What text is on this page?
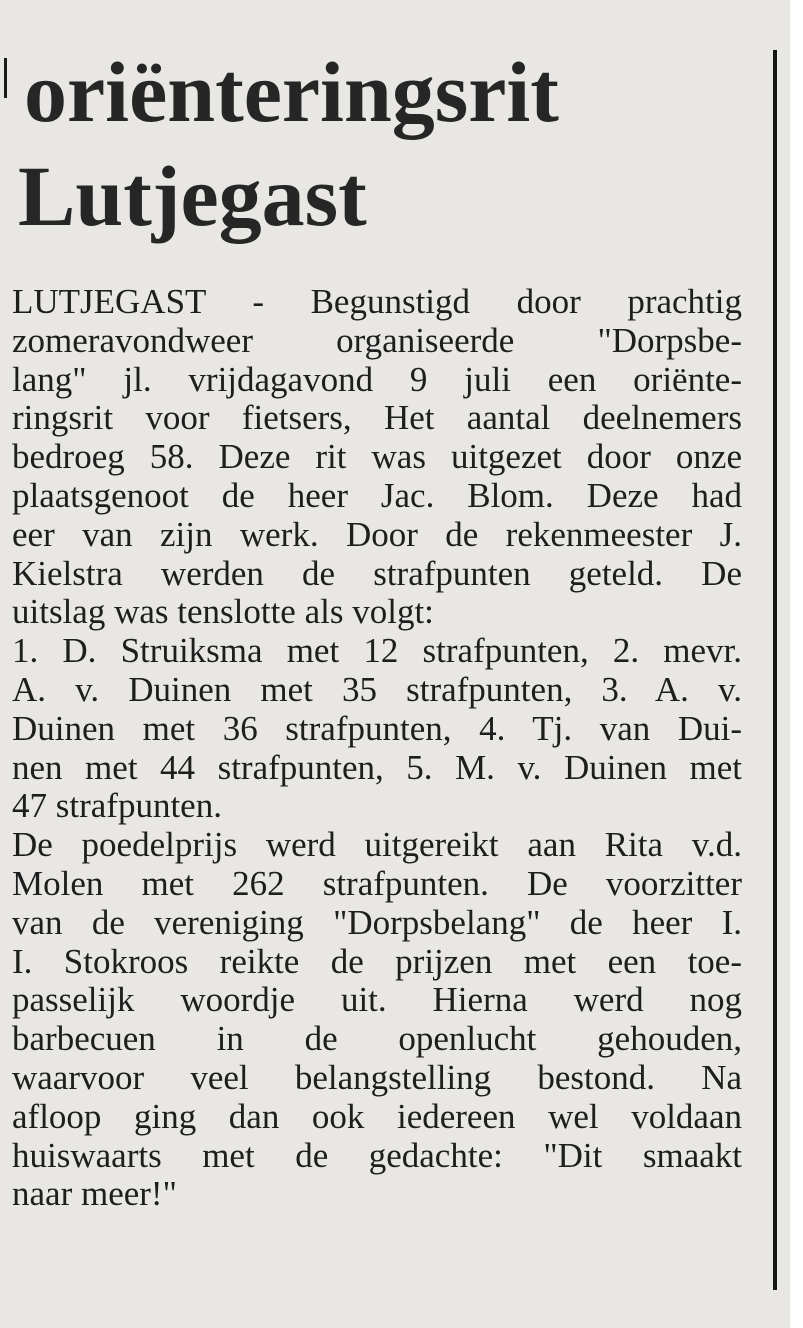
oriënteringsrit
Lutjegast
LUTJEGAST - Begunstigd door prachtig
zomeravondweer organiseerde "Dorpsbe-
lang" jl. vrijdagavond 9 juli een oriënte-
ringsrit voor fietsers, Het aantal deelnemers
bedroeg 58. Deze rit was uitgezet door onze
plaatsgenoot de heer Jac. Blom. Deze had
eer van zijn werk. Door de rekenmeester J.
Kielstra werden de strafpunten geteld. De
uitslag was tenslotte als volgt:
1. D. Struiksma met 12 strafpunten, 2. mevr.
A. v. Duinen met 35 strafpunten, 3. A. v.
Duinen met 36 strafpunten, 4. Tj. van Dui-
nen met 44 strafpunten, 5. M. v. Duinen met
47 strafpunten.
De poedelprijs werd uitgereikt aan Rita v.d.
Molen met 262 strafpunten. De voorzitter
van de vereniging "Dorpsbelang" de heer I.
I. Stokroos reikte de prijzen met een toe-
passelijk woordje uit. Hierna werd nog
barbecuen in de openlucht gehouden,
waarvoor veel belangstelling bestond. Na
afloop ging dan ook iedereen wel voldaan
huiswaarts met de gedachte: "Dit smaakt
naar meer!"
